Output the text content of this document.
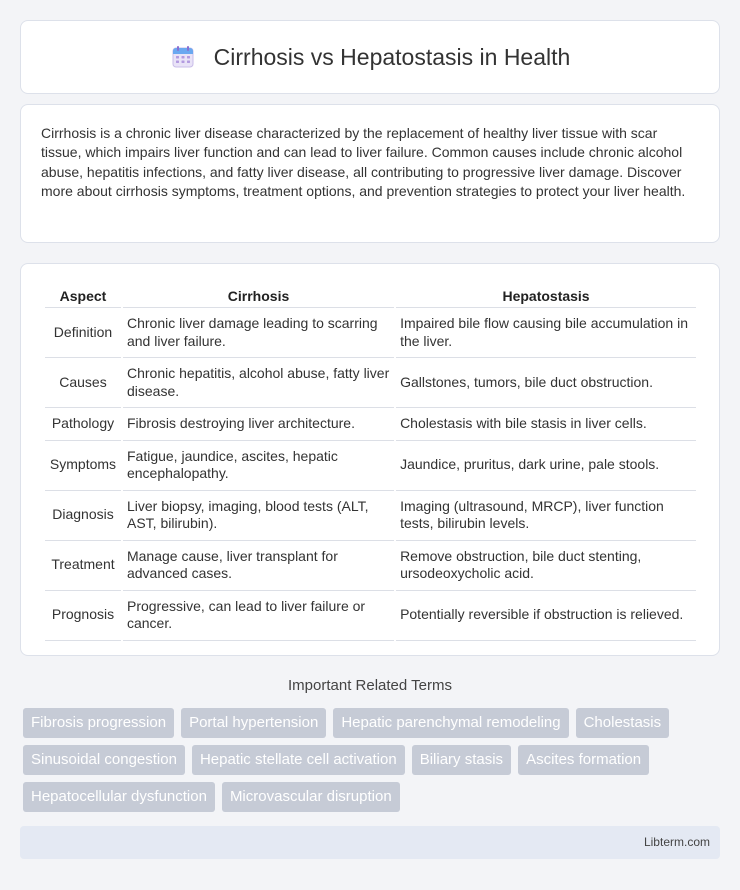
Cirrhosis vs Hepatostasis in Health

Cirrhosis is a chronic liver disease characterized by the replacement of healthy liver tissue with scar tissue, which impairs liver function and can lead to liver failure. Common causes include chronic alcohol abuse, hepatitis infections, and fatty liver disease, all contributing to progressive liver damage. Discover more about cirrhosis symptoms, treatment options, and prevention strategies to protect your liver health.

Aspect	Cirrhosis	Hepatostasis
Definition	Chronic liver damage leading to scarring and liver failure.	Impaired bile flow causing bile accumulation in the liver.
Causes	Chronic hepatitis, alcohol abuse, fatty liver disease.	Gallstones, tumors, bile duct obstruction.
Pathology	Fibrosis destroying liver architecture.	Cholestasis with bile stasis in liver cells.
Symptoms	Fatigue, jaundice, ascites, hepatic encephalopathy.	Jaundice, pruritus, dark urine, pale stools.
Diagnosis	Liver biopsy, imaging, blood tests (ALT, AST, bilirubin).	Imaging (ultrasound, MRCP), liver function tests, bilirubin levels.
Treatment	Manage cause, liver transplant for advanced cases.	Remove obstruction, bile duct stenting, ursodeoxycholic acid.
Prognosis	Progressive, can lead to liver failure or cancer.	Potentially reversible if obstruction is relieved.
Important Related Terms
Fibrosis progression	Portal hypertension	Hepatic parenchymal remodeling	Cholestasis
Sinusoidal congestion	Hepatic stellate cell activation	Biliary stasis	Ascites formation
Hepatocellular dysfunction	Microvascular disruption
Libterm.com
